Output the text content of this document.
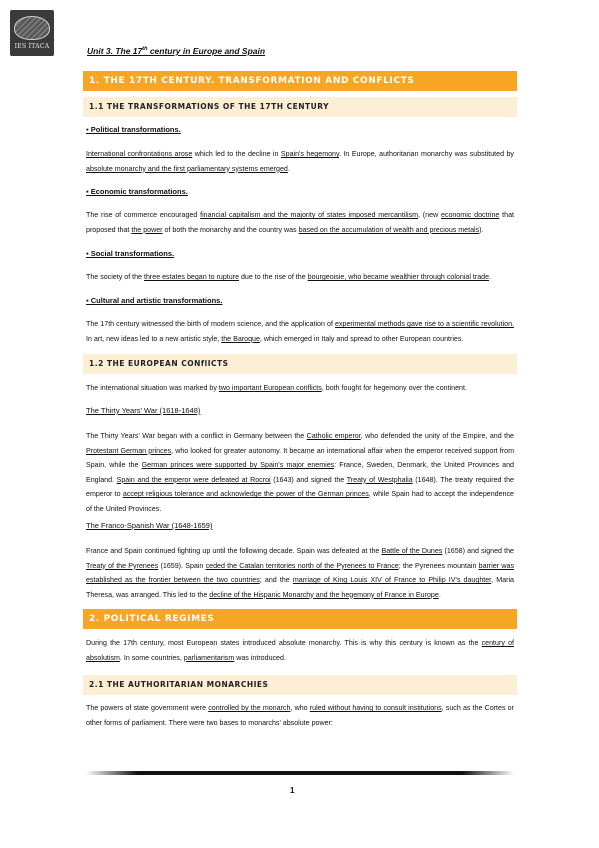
IES ÍTACA	Unit 3. The 17th century in Europe and Spain
1. THE 17TH CENTURY. TRANSFORMATION AND CONFLICTS
1.1 THE TRANSFORMATIONS OF THE 17TH CENTURY
▪ Political transformations.
International confrontations arose which led to the decline in Spain's hegemony. In Europe, authoritarian monarchy was substituted by absolute monarchy and the first parliamentary systems emerged.
▪ Economic transformations.
The rise of commerce encouraged financial capitalism and the majority of states imposed mercantilism, (new economic doctrine that proposed that the power of both the monarchy and the country was based on the accumulation of wealth and precious metals).
▪ Social transformations.
The society of the three estates began to rupture due to the rise of the bourgeoisie, who became wealthier through colonial trade.
▪ Cultural and artistic transformations.
The 17th century witnessed the birth of modern science, and the application of experimental methods gave rise to a scientific revolution. In art, new ideas led to a new artistic style, the Baroque, which emerged in Italy and spread to other European countries.
1.2 THE EUROPEAN CONflICTS
The international situation was marked by two important European conflicts, both fought for hegemony over the continent.
The Thirty Years' War (1618-1648)
The Thirty Years' War began with a conflict in Germany between the Catholic emperor, who defended the unity of the Empire, and the Protestant German princes, who looked for greater autonomy. It became an international affair when the emperor received support from Spain, while the German princes were supported by Spain's major enemies: France, Sweden, Denmark, the United Provinces and England. Spain and the emperor were defeated at Rocroi (1643) and signed the Treaty of Westphalia (1648). The treaty required the emperor to accept religious tolerance and acknowledge the power of the German princes, while Spain had to accept the independence of the United Provinces.
The Franco-Spanish War (1648-1659)
France and Spain continued fighting up until the following decade. Spain was defeated at the Battle of the Dunes (1658) and signed the Treaty of the Pyrenees (1659). Spain ceded the Catalan territories north of the Pyrenees to France; the Pyrenees mountain barrier was established as the frontier between the two countries; and the marriage of King Louis XIV of France to Philip IV's daughter, Maria Theresa, was arranged. This led to the decline of the Hispanic Monarchy and the hegemony of France in Europe.
2. POLITICAL REGIMES
During the 17th century, most European states introduced absolute monarchy. This is why this century is known as the century of absolutism. In some countries, parliamentarism was introduced.
2.1 THE AUTHORITARIAN MONARCHIES
The powers of state government were controlled by the monarch, who ruled without having to consult institutions, such as the Cortes or other forms of parliament. There were two bases to monarchs' absolute power:
1
